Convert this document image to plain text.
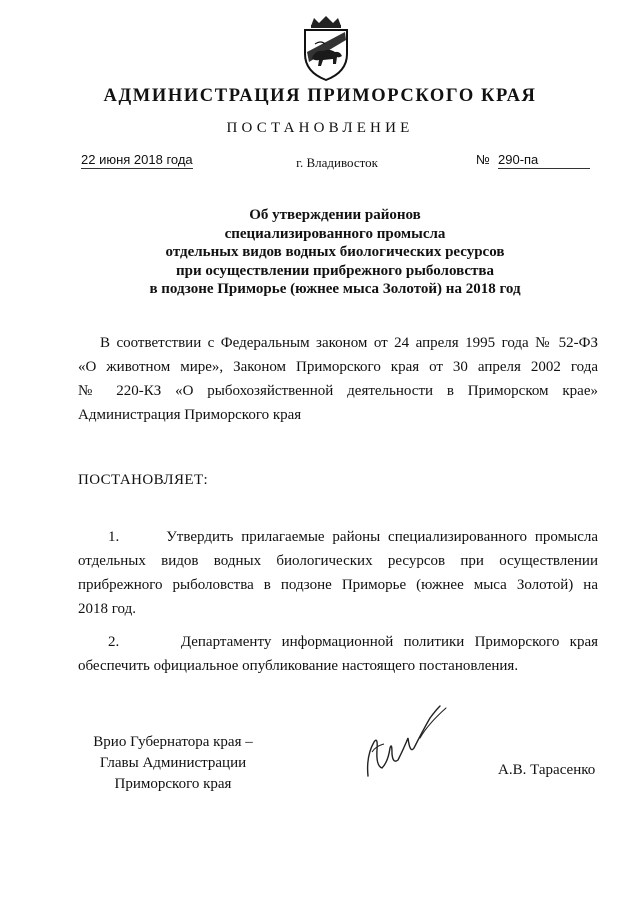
АДМИНИСТРАЦИЯ ПРИМОРСКОГО КРАЯ
ПОСТАНОВЛЕНИЕ
22 июня 2018 года	г. Владивосток	№ 290-па
Об утверждении районов
специализированного промысла
отдельных видов водных биологических ресурсов
при осуществлении прибрежного рыболовства
в подзоне Приморье (южнее мыса Золотой) на 2018 год
В соответствии с Федеральным законом от 24 апреля 1995 года № 52-ФЗ
«О животном мире», Законом Приморского края от 30 апреля 2002 года
№ 220-КЗ «О рыбохозяйственной деятельности в Приморском крае»
Администрация Приморского края
ПОСТАНОВЛЯЕТ:
1.      Утвердить прилагаемые районы специализированного промысла
отдельных видов водных биологических ресурсов при осуществлении
прибрежного рыболовства в подзоне Приморье (южнее мыса Золотой) на
2018 год.
2.      Департаменту информационной политики Приморского края
обеспечить официальное опубликование настоящего постановления.
Врио Губернатора края –
Главы Администрации
Приморского края
А.В. Тарасенко
